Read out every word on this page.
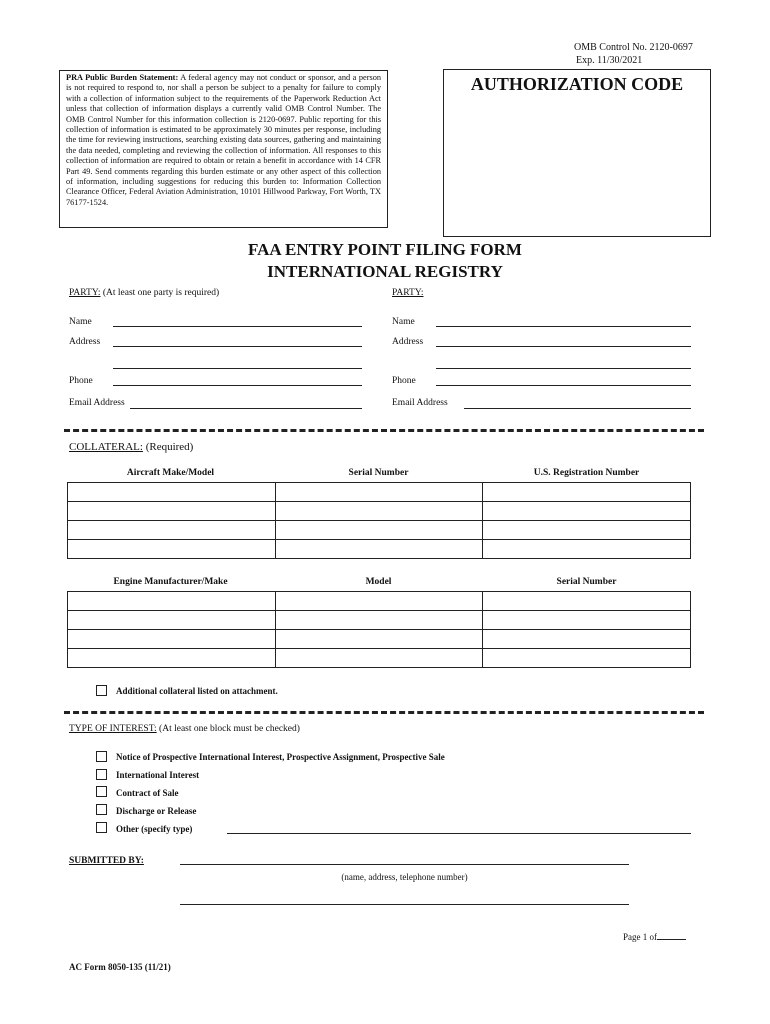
OMB Control No. 2120-0697
Exp. 11/30/2021
PRA Public Burden Statement: A federal agency may not conduct or sponsor, and a person is not required to respond to, nor shall a person be subject to a penalty for failure to comply with a collection of information subject to the requirements of the Paperwork Reduction Act unless that collection of information displays a currently valid OMB Control Number. The OMB Control Number for this information collection is 2120-0697. Public reporting for this collection of information is estimated to be approximately 30 minutes per response, including the time for reviewing instructions, searching existing data sources, gathering and maintaining the data needed, completing and reviewing the collection of information. All responses to this collection of information are required to obtain or retain a benefit in accordance with 14 CFR Part 49. Send comments regarding this burden estimate or any other aspect of this collection of information, including suggestions for reducing this burden to: Information Collection Clearance Officer, Federal Aviation Administration, 10101 Hillwood Parkway, Fort Worth, TX 76177-1524.
AUTHORIZATION CODE
FAA ENTRY POINT FILING FORM
INTERNATIONAL REGISTRY
PARTY: (At least one party is required)
Name
Address
Phone
Email Address
PARTY:
Name
Address
Phone
Email Address
COLLATERAL: (Required)
Aircraft Make/Model	Serial Number	U.S. Registration Number

Engine Manufacturer/Make	Model	Serial Number

Additional collateral listed on attachment.
TYPE OF INTEREST: (At least one block must be checked)
Notice of Prospective International Interest, Prospective Assignment, Prospective Sale
International Interest
Contract of Sale
Discharge or Release
Other (specify type)
SUBMITTED BY:
(name, address, telephone number)
Page 1 of
AC Form 8050-135 (11/21)
